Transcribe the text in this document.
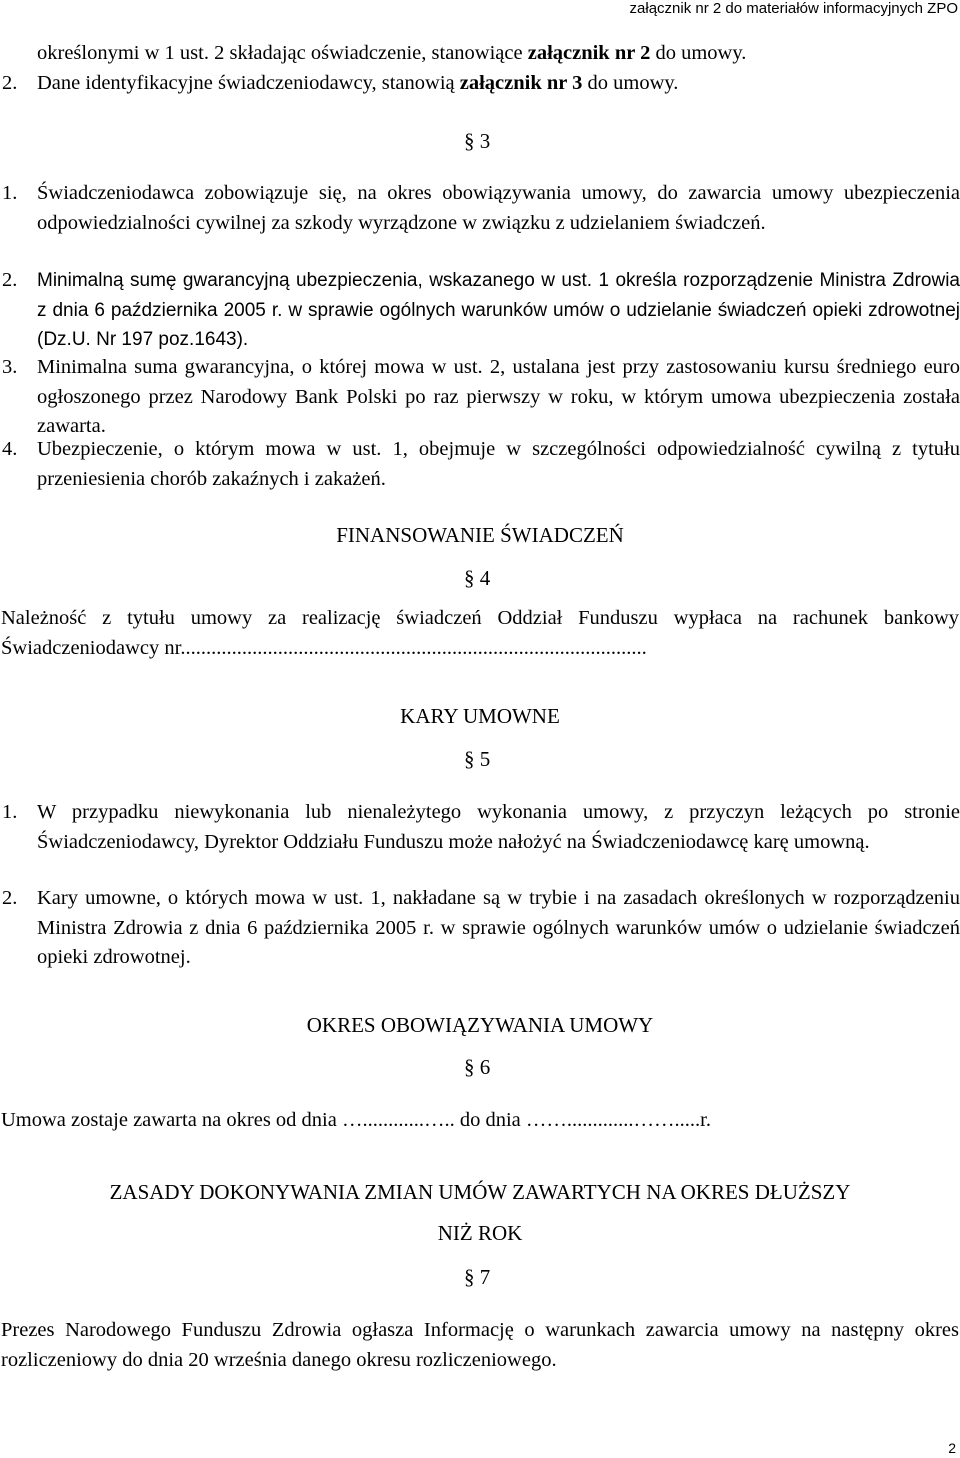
załącznik nr 2 do materiałów informacyjnych ZPO
określonymi w 1 ust. 2 składając oświadczenie, stanowiące załącznik nr 2 do umowy.
2. Dane identyfikacyjne świadczeniodawcy, stanowią załącznik nr 3 do umowy.
§ 3
1. Świadczeniodawca zobowiązuje się, na okres obowiązywania umowy, do zawarcia umowy ubezpieczenia odpowiedzialności cywilnej za szkody wyrządzone w związku z udzielaniem świadczeń.
2. Minimalną sumę gwarancyjną ubezpieczenia, wskazanego w ust. 1 określa rozporządzenie Ministra Zdrowia z dnia 6 października 2005 r. w sprawie ogólnych warunków umów o udzielanie świadczeń opieki zdrowotnej (Dz.U. Nr 197 poz.1643).
3. Minimalna suma gwarancyjna, o której mowa w ust. 2, ustalana jest przy zastosowaniu kursu średniego euro ogłoszonego przez Narodowy Bank Polski po raz pierwszy w roku, w którym umowa ubezpieczenia została zawarta.
4. Ubezpieczenie, o którym mowa w ust. 1, obejmuje w szczególności odpowiedzialność cywilną z tytułu przeniesienia chorób zakaźnych i zakażeń.
FINANSOWANIE ŚWIADCZEŃ
§ 4
Należność z tytułu umowy za realizację świadczeń Oddział Funduszu wypłaca na rachunek bankowy Świadczeniodawcy nr...........................................................................................
KARY UMOWNE
§ 5
1. W przypadku niewykonania lub nienależytego wykonania umowy, z przyczyn leżących po stronie Świadczeniodawcy, Dyrektor Oddziału Funduszu może nałożyć na Świadczeniodawcę karę umowną.
2. Kary umowne, o których mowa w ust. 1, nakładane są w trybie i na zasadach określonych w rozporządzeniu Ministra Zdrowia z dnia 6 października 2005 r. w sprawie ogólnych warunków umów o udzielanie świadczeń opieki zdrowotnej.
OKRES OBOWIĄZYWANIA UMOWY
§ 6
Umowa zostaje zawarta na okres od dnia …............….. do dnia …….............…….....r.
ZASADY DOKONYWANIA ZMIAN UMÓW ZAWARTYCH NA OKRES DŁUŻSZY
NIŻ ROK
§ 7
Prezes Narodowego Funduszu Zdrowia ogłasza Informację o warunkach zawarcia umowy na następny okres rozliczeniowy do dnia 20 września danego okresu rozliczeniowego.
2
